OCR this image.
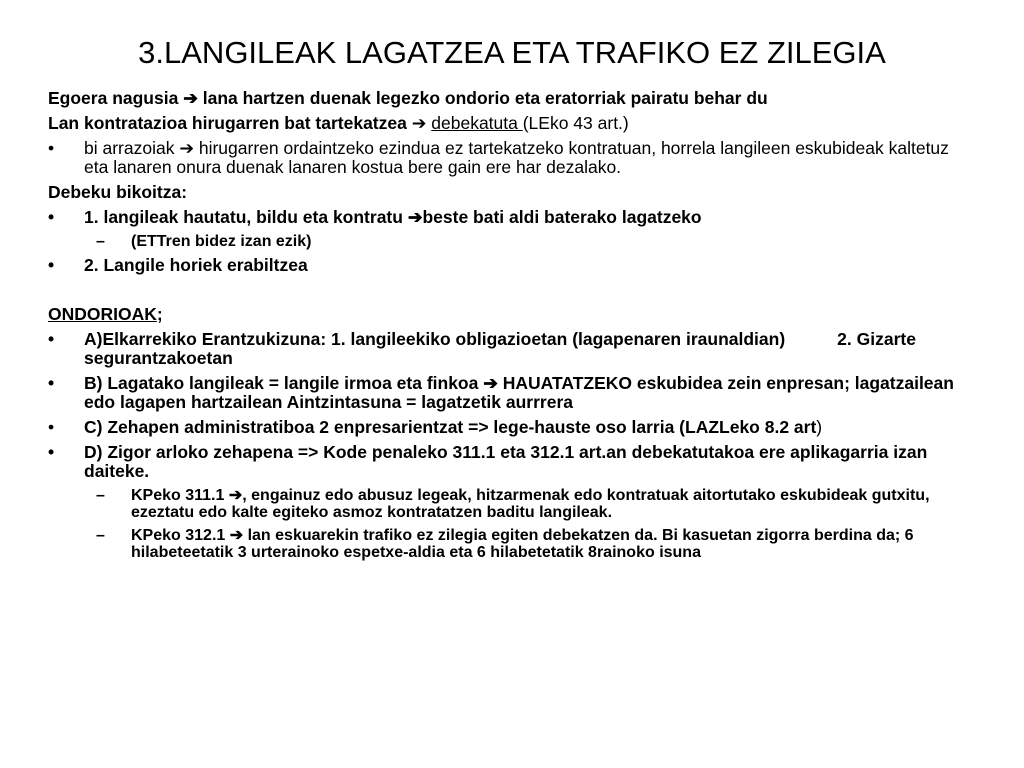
3.LANGILEAK LAGATZEA ETA TRAFIKO EZ ZILEGIA

Egoera nagusia ➔ lana hartzen duenak legezko ondorio eta eratorriak pairatu behar du

Lan kontratazioa hirugarren bat tartekatzea ➔ debekatuta (LEko 43 art.)

• bi arrazoiak ➔ hirugarren ordaintzeko ezindua ez tartekatzeko kontratuan, horrela langileen eskubideak kaltetuz eta lanaren onura duenak lanaren kostua bere gain ere har dezalako.

Debeku bikoitza:

• 1. langileak hautatu, bildu eta kontratu ➔beste bati aldi baterako lagatzeko
– (ETTren bidez izan ezik)
• 2. Langile horiek erabiltzea

ONDORIOAK;

• A)Elkarrekiko Erantzukizuna: 1. langileekiko obligazioetan (lagapenaren iraunaldian)	2. Gizarte segurantzakoetan
• B) Lagatako langileak = langile irmoa eta finkoa ➔ HAUATATZEKO eskubidea zein enpresan; lagatzailean edo lagapen hartzailean Aintzintasuna = lagatzetik aurrrera
• C) Zehapen administratiboa 2 enpresarientzat => lege-hauste oso larria (LAZLeko 8.2 art)
• D) Zigor arloko zehapena => Kode penaleko 311.1 eta 312.1 art.an debekatutakoa ere aplikagarria izan daiteke.
– KPeko 311.1 ➔, engainuz edo abusuz legeak, hitzarmenak edo kontratuak aitortutako eskubideak gutxitu, ezeztatu edo kalte egiteko asmoz kontratatzen baditu langileak.
– KPeko 312.1 ➔ lan eskuarekin trafiko ez zilegia egiten debekatzen da. Bi kasuetan zigorra berdina da; 6 hilabeteetatik 3 urterainoko espetxe-aldia eta 6 hilabetetatik 8rainoko isuna
